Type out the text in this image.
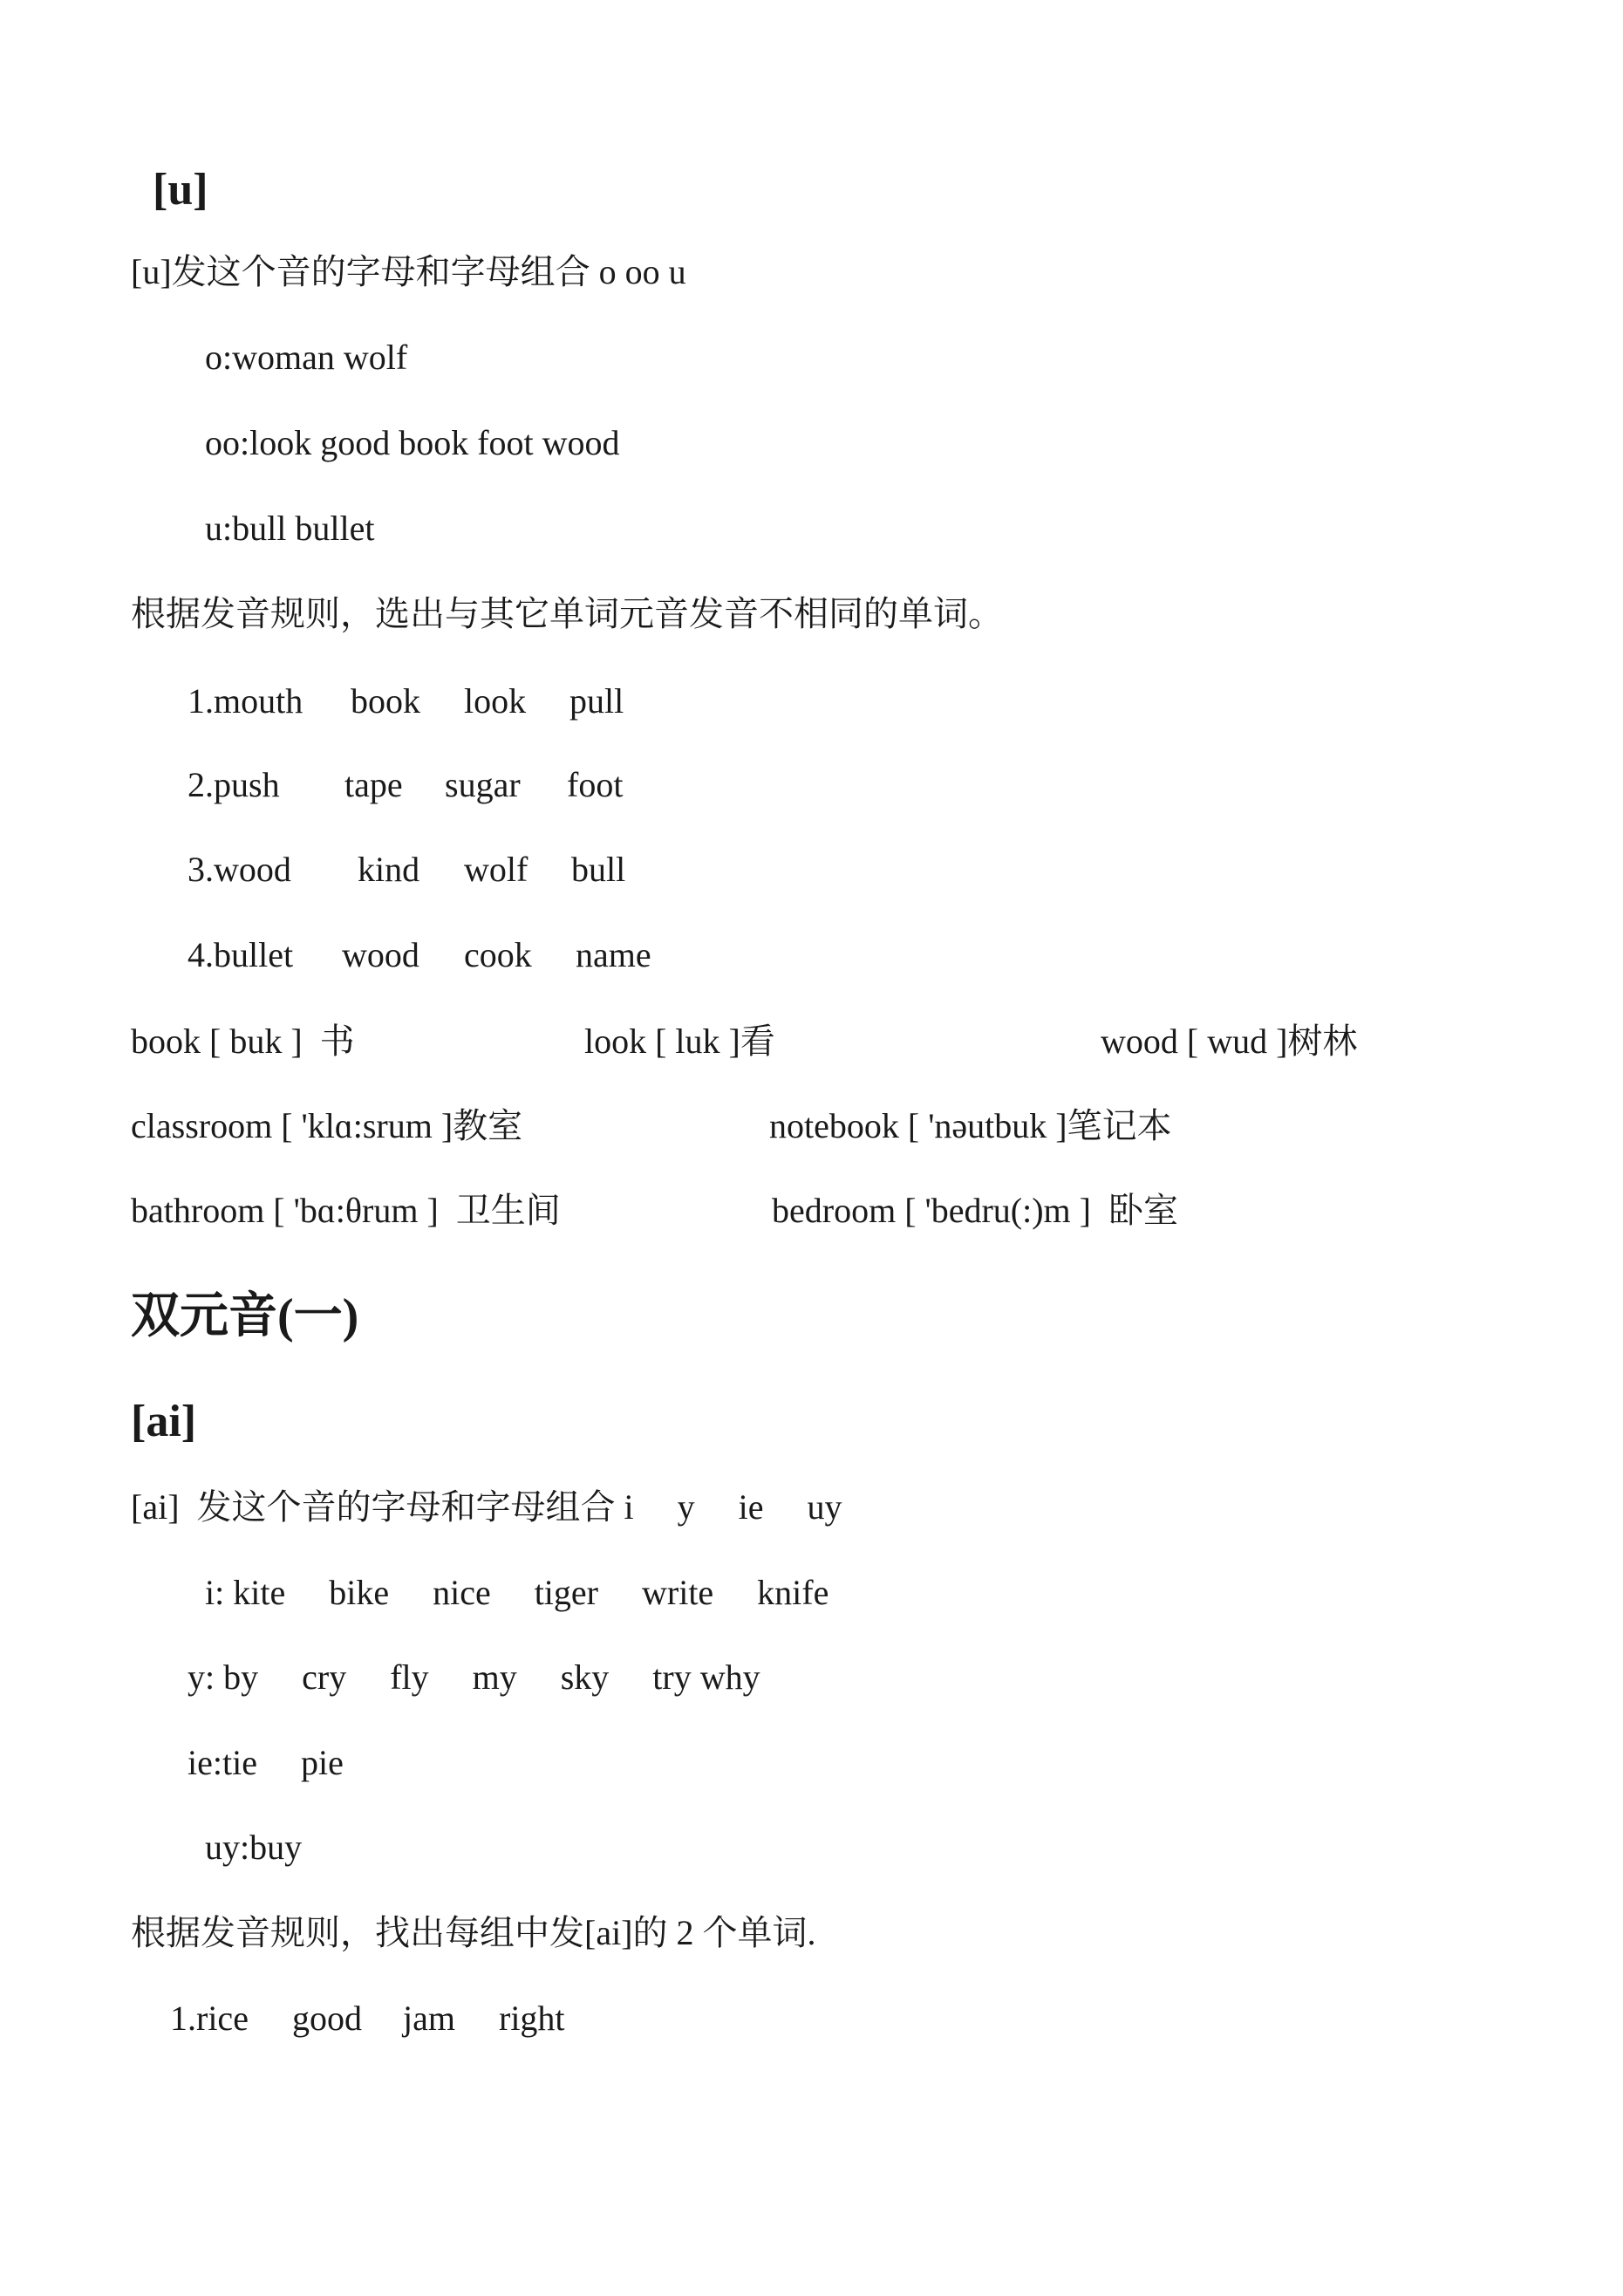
[u]
[u]发这个音的字母和字母组合 o oo u
o:woman wolf
oo:look good book foot wood
u:bull bullet
根据发音规则，选出与其它单词元音发音不相同的单词。
1.mouth book look pull
2.push tape sugar foot
3.wood kind wolf bull
4.bullet wood cook name
book [ buk ]  书	look [ luk ]看	wood [ wud ]树林
classroom [ 'klɑ:srum ]教室	notebook [ 'nəutbuk ]笔记本
bathroom [ 'bɑ:θrum ]  卫生间	bedroom [ 'bedru(:)m ]  卧室
双元音(一)
[ai]
[ai]  发这个音的字母和字母组合 i     y     ie     uy
i: kite     bike     nice     tiger     write     knife
y: by     cry     fly     my     sky     try why
ie:tie     pie
uy:buy
根据发音规则，找出每组中发[ai]的 2 个单词.
1.rice good jam right
